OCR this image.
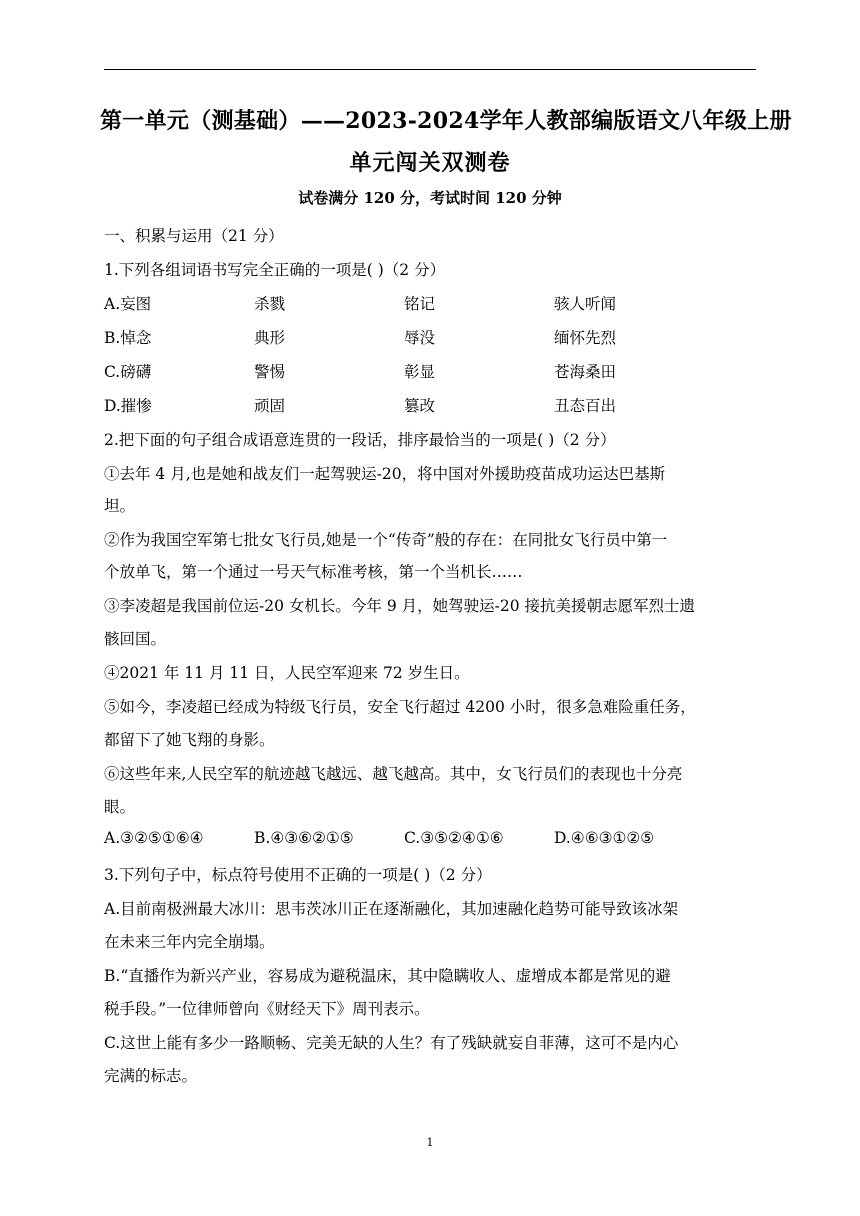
第一单元（测基础）——2023-2024学年人教部编版语文八年级上册
单元闯关双测卷
试卷满分 120 分，考试时间 120 分钟
一、积累与运用（21 分）
1.下列各组词语书写完全正确的一项是( )（2 分）
A.妄图	杀戮	铭记	骇人听闻
B.悼念	典形	辱没	缅怀先烈
C.磅礴	警惕	彰显	苍海桑田
D.摧惨	顽固	篡改	丑态百出
2.把下面的句子组合成语意连贯的一段话，排序最恰当的一项是( )（2 分）
①去年 4 月,也是她和战友们一起驾驶运-20，将中国对外援助疫苗成功运达巴基斯
坦。
②作为我国空军第七批女飞行员,她是一个“传奇”般的存在：在同批女飞行员中第一
个放单飞，第一个通过一号天气标准考核，第一个当机长……
③李凌超是我国前位运-20 女机长。今年 9 月，她驾驶运-20 接抗美援朝志愿军烈士遗
骸回国。
④2021 年 11 月 11 日，人民空军迎来 72 岁生日。
⑤如今，李凌超已经成为特级飞行员，安全飞行超过 4200 小时，很多急难险重任务，
都留下了她飞翔的身影。
⑥这些年来,人民空军的航迹越飞越远、越飞越高。其中，女飞行员们的表现也十分亮
眼。
A.③②⑤①⑥④	B.④③⑥②①⑤	C.③⑤②④①⑥	D.④⑥③①②⑤
3.下列句子中，标点符号使用不正确的一项是( )（2 分）
A.目前南极洲最大冰川：思韦茨冰川正在逐渐融化，其加速融化趋势可能导致该冰架
在未来三年内完全崩塌。
B.“直播作为新兴产业，容易成为避税温床，其中隐瞒收人、虚增成本都是常见的避
税手段。”一位律师曾向《财经天下》周刊表示。
C.这世上能有多少一路顺畅、完美无缺的人生？有了残缺就妄自菲薄，这可不是内心
完满的标志。
1
